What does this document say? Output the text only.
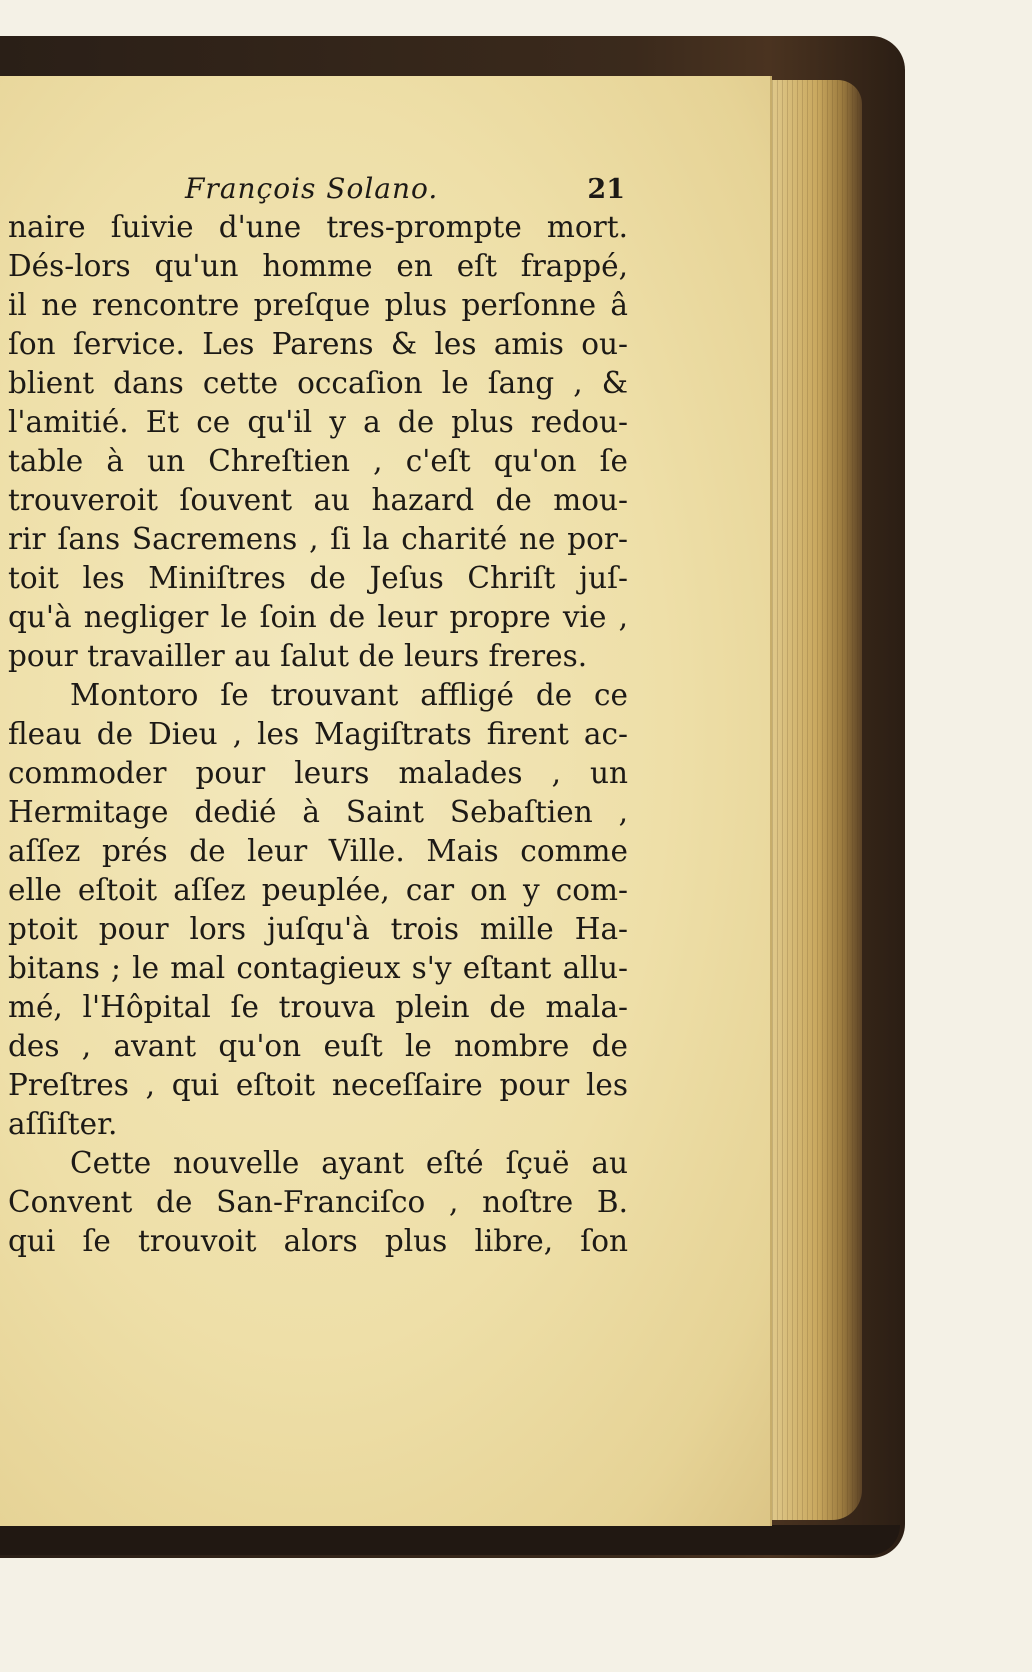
François Solano.	21
naire ſuivie d'une tres-prompte mort.
Dés-lors qu'un homme en eſt frappé,
il ne rencontre preſque plus perſonne â
ſon ſervice. Les Parens & les amis ou-
blient dans cette occaſion le ſang , &
l'amitié. Et ce qu'il y a de plus redou-
table à un Chreſtien , c'eſt qu'on ſe
trouveroit ſouvent au hazard de mou-
rir ſans Sacremens , ſi la charité ne por-
toit les Miniſtres de Jeſus Chriſt juſ-
qu'à negliger le ſoin de leur propre vie ,
pour travailler au ſalut de leurs freres.
Montoro ſe trouvant affligé de ce
fleau de Dieu , les Magiſtrats firent ac-
commoder pour leurs malades , un
Hermitage dedié à Saint Sebaſtien ,
aſſez prés de leur Ville. Mais comme
elle eſtoit aſſez peuplée, car on y com-
ptoit pour lors juſqu'à trois mille Ha-
bitans ; le mal contagieux s'y eſtant allu-
mé, l'Hôpital ſe trouva plein de mala-
des , avant qu'on euſt le nombre de
Preſtres , qui eſtoit neceſſaire pour les
aſſiſter.
Cette nouvelle ayant eſté ſçuë au
Convent de San-Franciſco , noſtre B.
qui ſe trouvoit alors plus libre, ſon
